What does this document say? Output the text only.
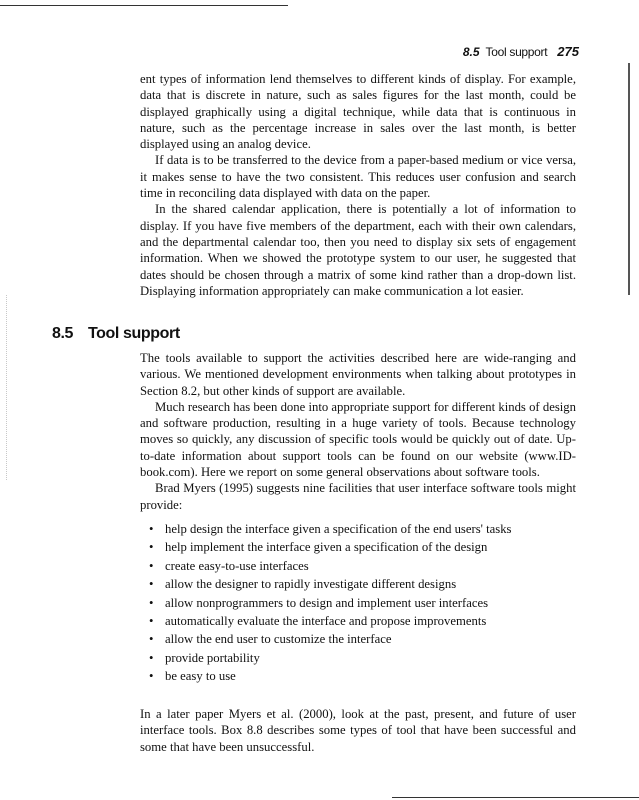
8.5 Tool support 275

ent types of information lend themselves to different kinds of display. For example, data that is discrete in nature, such as sales figures for the last month, could be displayed graphically using a digital technique, while data that is continuous in nature, such as the percentage increase in sales over the last month, is better displayed using an analog device.

If data is to be transferred to the device from a paper-based medium or vice versa, it makes sense to have the two consistent. This reduces user confusion and search time in reconciling data displayed with data on the paper.

In the shared calendar application, there is potentially a lot of information to display. If you have five members of the department, each with their own calendars, and the departmental calendar too, then you need to display six sets of engagement information. When we showed the prototype system to our user, he suggested that dates should be chosen through a matrix of some kind rather than a drop-down list. Displaying information appropriately can make communication a lot easier.

8.5 Tool support

The tools available to support the activities described here are wide-ranging and various. We mentioned development environments when talking about prototypes in Section 8.2, but other kinds of support are available.

Much research has been done into appropriate support for different kinds of design and software production, resulting in a huge variety of tools. Because technology moves so quickly, any discussion of specific tools would be quickly out of date. Up-to-date information about support tools can be found on our website (www.ID-book.com). Here we report on some general observations about software tools.

Brad Myers (1995) suggests nine facilities that user interface software tools might provide:

• help design the interface given a specification of the end users' tasks
• help implement the interface given a specification of the design
• create easy-to-use interfaces
• allow the designer to rapidly investigate different designs
• allow nonprogrammers to design and implement user interfaces
• automatically evaluate the interface and propose improvements
• allow the end user to customize the interface
• provide portability
• be easy to use

In a later paper Myers et al. (2000), look at the past, present, and future of user interface tools. Box 8.8 describes some types of tool that have been successful and some that have been unsuccessful.
